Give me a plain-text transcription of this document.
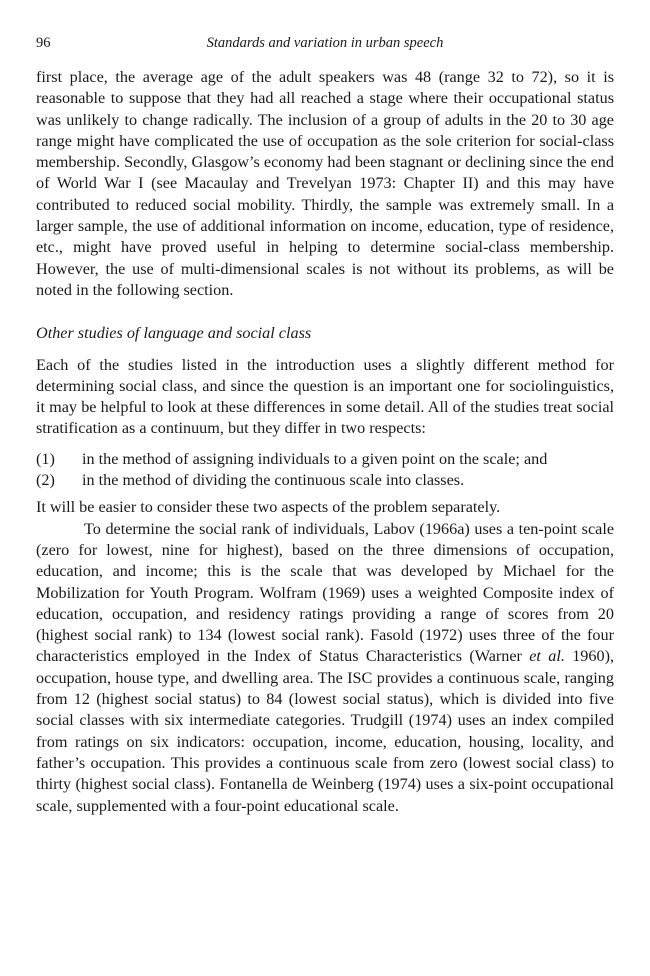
96	Standards and variation in urban speech

first place, the average age of the adult speakers was 48 (range 32 to 72), so it is reasonable to suppose that they had all reached a stage where their occupational status was unlikely to change radically. The inclusion of a group of adults in the 20 to 30 age range might have complicated the use of occupation as the sole criterion for social-class membership. Secondly, Glasgow’s economy had been stagnant or declining since the end of World War I (see Macaulay and Trevelyan 1973: Chapter II) and this may have contributed to reduced social mobility. Thirdly, the sample was extremely small. In a larger sample, the use of additional information on income, education, type of residence, etc., might have proved useful in helping to determine social-class membership. However, the use of multi-dimensional scales is not without its problems, as will be noted in the following section.

Other studies of language and social class

Each of the studies listed in the introduction uses a slightly different method for determining social class, and since the question is an important one for sociolinguistics, it may be helpful to look at these differences in some detail. All of the studies treat social stratification as a continuum, but they differ in two respects:

(1)	in the method of assigning individuals to a given point on the scale; and
(2)	in the method of dividing the continuous scale into classes.

It will be easier to consider these two aspects of the problem separately.

To determine the social rank of individuals, Labov (1966a) uses a ten-point scale (zero for lowest, nine for highest), based on the three dimensions of occupation, education, and income; this is the scale that was developed by Michael for the Mobilization for Youth Program. Wolfram (1969) uses a weighted Composite index of education, occupation, and residency ratings providing a range of scores from 20 (highest social rank) to 134 (lowest social rank). Fasold (1972) uses three of the four characteristics employed in the Index of Status Characteristics (Warner et al. 1960), occupation, house type, and dwelling area. The ISC provides a continuous scale, ranging from 12 (highest social status) to 84 (lowest social status), which is divided into five social classes with six intermediate categories. Trudgill (1974) uses an index compiled from ratings on six indicators: occupation, income, education, housing, locality, and father’s occupation. This provides a continuous scale from zero (lowest social class) to thirty (highest social class). Fontanella de Weinberg (1974) uses a six-point occupational scale, supplemented with a four-point educational scale.
